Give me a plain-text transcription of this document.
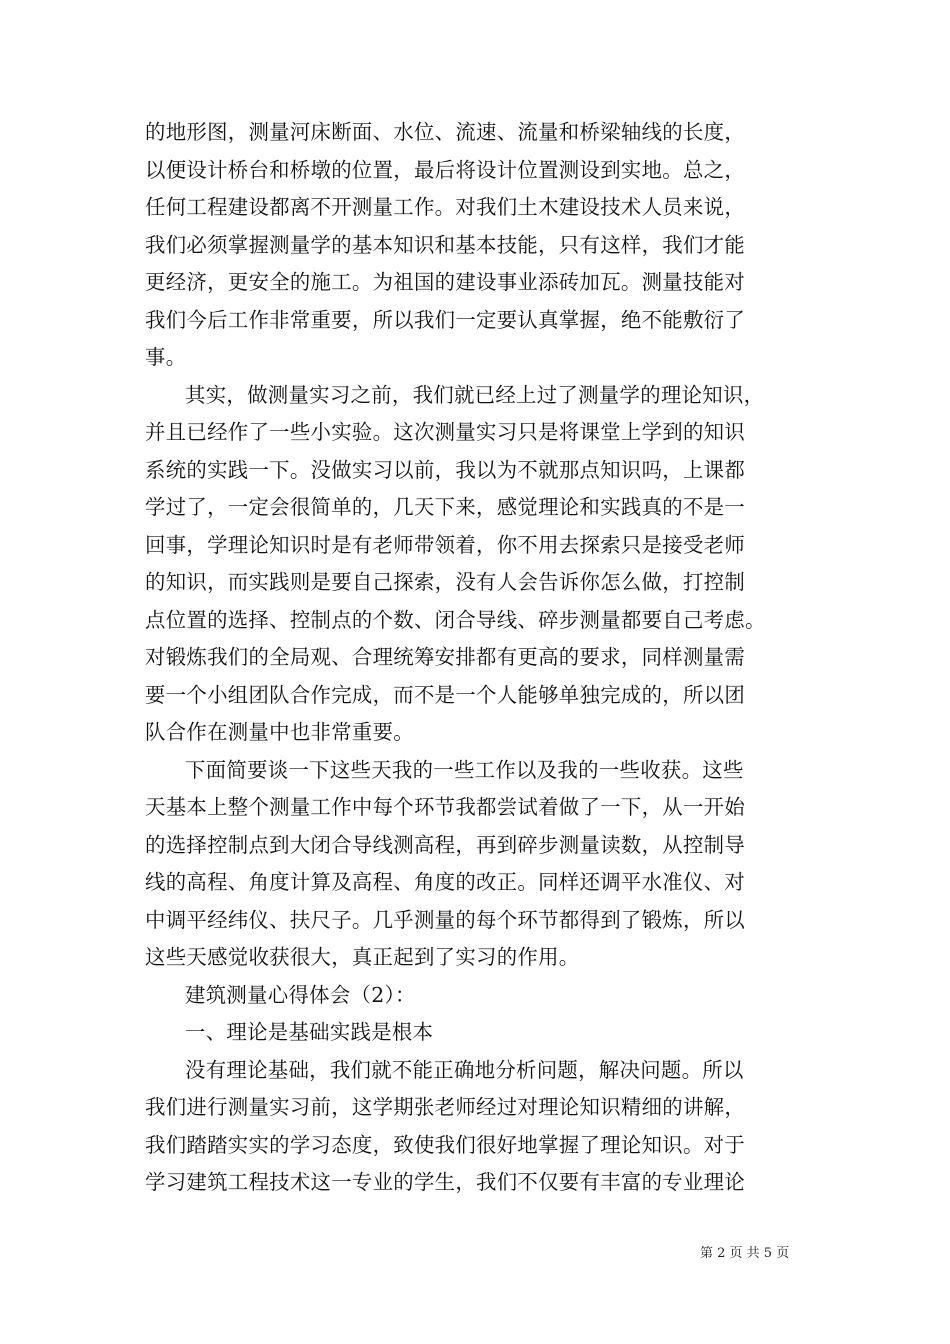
的地形图，测量河床断面、水位、流速、流量和桥梁轴线的长度，
以便设计桥台和桥墩的位置，最后将设计位置测设到实地。总之，
任何工程建设都离不开测量工作。对我们土木建设技术人员来说，
我们必须掌握测量学的基本知识和基本技能，只有这样，我们才能
更经济，更安全的施工。为祖国的建设事业添砖加瓦。测量技能对
我们今后工作非常重要，所以我们一定要认真掌握，绝不能敷衍了
事。

其实，做测量实习之前，我们就已经上过了测量学的理论知识，
并且已经作了一些小实验。这次测量实习只是将课堂上学到的知识
系统的实践一下。没做实习以前，我以为不就那点知识吗，上课都
学过了，一定会很简单的，几天下来，感觉理论和实践真的不是一
回事，学理论知识时是有老师带领着，你不用去探索只是接受老师
的知识，而实践则是要自己探索，没有人会告诉你怎么做，打控制
点位置的选择、控制点的个数、闭合导线、碎步测量都要自己考虑。
对锻炼我们的全局观、合理统筹安排都有更高的要求，同样测量需
要一个小组团队合作完成，而不是一个人能够单独完成的，所以团
队合作在测量中也非常重要。

下面简要谈一下这些天我的一些工作以及我的一些收获。这些
天基本上整个测量工作中每个环节我都尝试着做了一下，从一开始
的选择控制点到大闭合导线测高程，再到碎步测量读数，从控制导
线的高程、角度计算及高程、角度的改正。同样还调平水准仪、对
中调平经纬仪、扶尺子。几乎测量的每个环节都得到了锻炼，所以
这些天感觉收获很大，真正起到了实习的作用。

建筑测量心得体会（2）：

一、理论是基础实践是根本

没有理论基础，我们就不能正确地分析问题，解决问题。所以
我们进行测量实习前，这学期张老师经过对理论知识精细的讲解，
我们踏踏实实的学习态度，致使我们很好地掌握了理论知识。对于
学习建筑工程技术这一专业的学生，我们不仅要有丰富的专业理论

第 2 页 共 5 页
